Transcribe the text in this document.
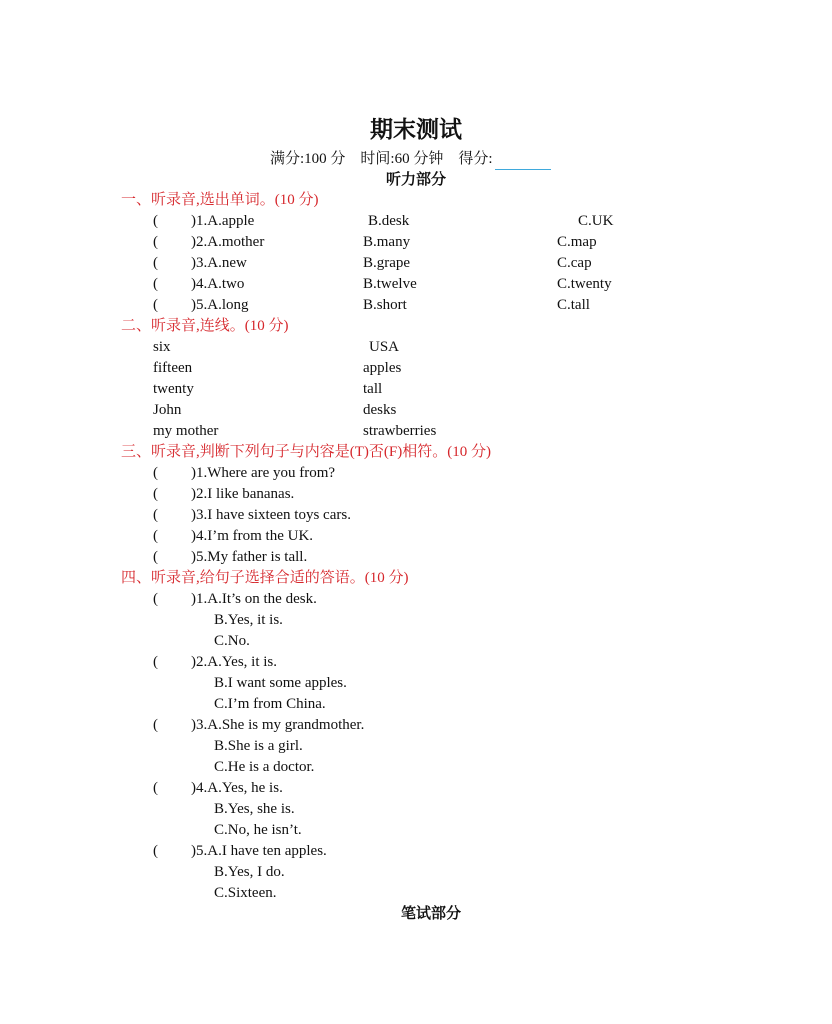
期末测试
满分:100 分 时间:60 分钟 得分:
听力部分
一、听录音,选出单词。(10 分)
( )1.A.apple	B.desk	C.UK
( )2.A.mother	B.many	C.map
( )3.A.new	B.grape	C.cap
( )4.A.two	B.twelve	C.twenty
( )5.A.long	B.short	C.tall
二、听录音,连线。(10 分)
six	USA
fifteen	apples
twenty	tall
John	desks
my mother	strawberries
三、听录音,判断下列句子与内容是(T)否(F)相符。(10 分)
( )1.Where are you from?
( )2.I like bananas.
( )3.I have sixteen toys cars.
( )4.I’m from the UK.
( )5.My father is tall.
四、听录音,给句子选择合适的答语。(10 分)
( )1.A.It’s on the desk.
B.Yes, it is.
C.No.
( )2.A.Yes, it is.
B.I want some apples.
C.I’m from China.
( )3.A.She is my grandmother.
B.She is a girl.
C.He is a doctor.
( )4.A.Yes, he is.
B.Yes, she is.
C.No, he isn’t.
( )5.A.I have ten apples.
B.Yes, I do.
C.Sixteen.
笔试部分
